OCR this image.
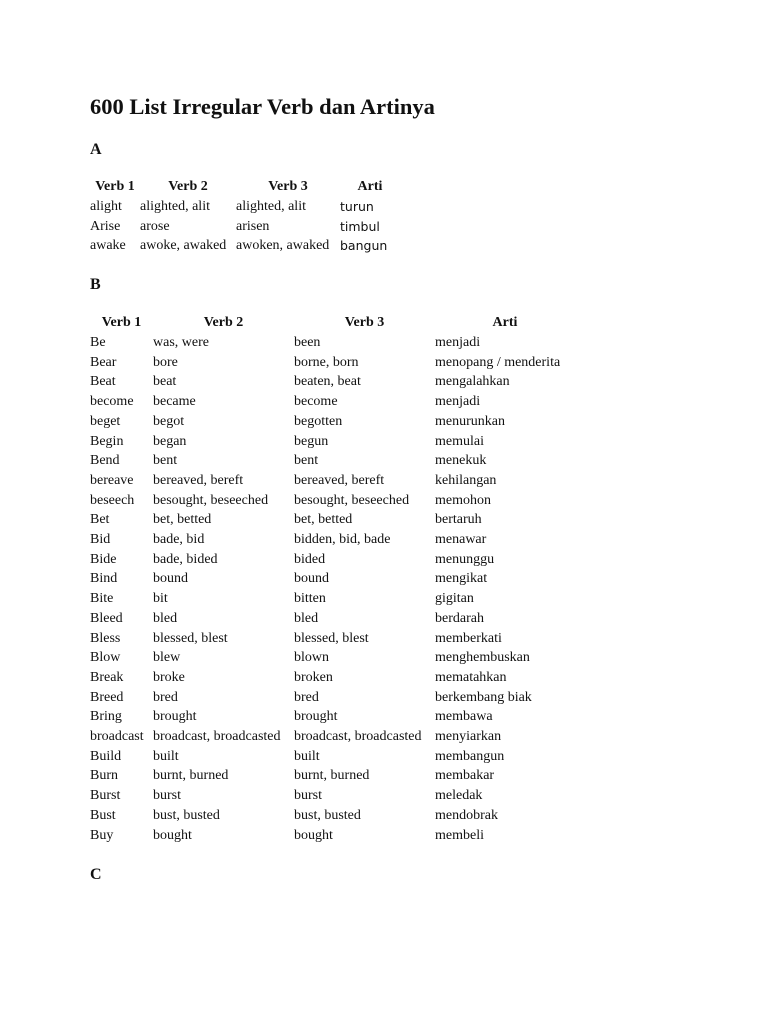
600 List Irregular Verb dan Artinya
A
Verb 1	Verb 2	Verb 3	Arti
alight	alighted, alit	alighted, alit	turun
Arise	arose	arisen	timbul
awake	awoke, awaked	awoken, awaked	bangun
B
Verb 1	Verb 2	Verb 3	Arti
Be	was, were	been	menjadi
Bear	bore	borne, born	menopang / menderita
Beat	beat	beaten, beat	mengalahkan
become	became	become	menjadi
beget	begot	begotten	menurunkan
Begin	began	begun	memulai
Bend	bent	bent	menekuk
bereave	bereaved, bereft	bereaved, bereft	kehilangan
beseech	besought, beseeched	besought, beseeched	memohon
Bet	bet, betted	bet, betted	bertaruh
Bid	bade, bid	bidden, bid, bade	menawar
Bide	bade, bided	bided	menunggu
Bind	bound	bound	mengikat
Bite	bit	bitten	gigitan
Bleed	bled	bled	berdarah
Bless	blessed, blest	blessed, blest	memberkati
Blow	blew	blown	menghembuskan
Break	broke	broken	mematahkan
Breed	bred	bred	berkembang biak
Bring	brought	brought	membawa
broadcast	broadcast, broadcasted	broadcast, broadcasted	menyiarkan
Build	built	built	membangun
Burn	burnt, burned	burnt, burned	membakar
Burst	burst	burst	meledak
Bust	bust, busted	bust, busted	mendobrak
Buy	bought	bought	membeli
C
